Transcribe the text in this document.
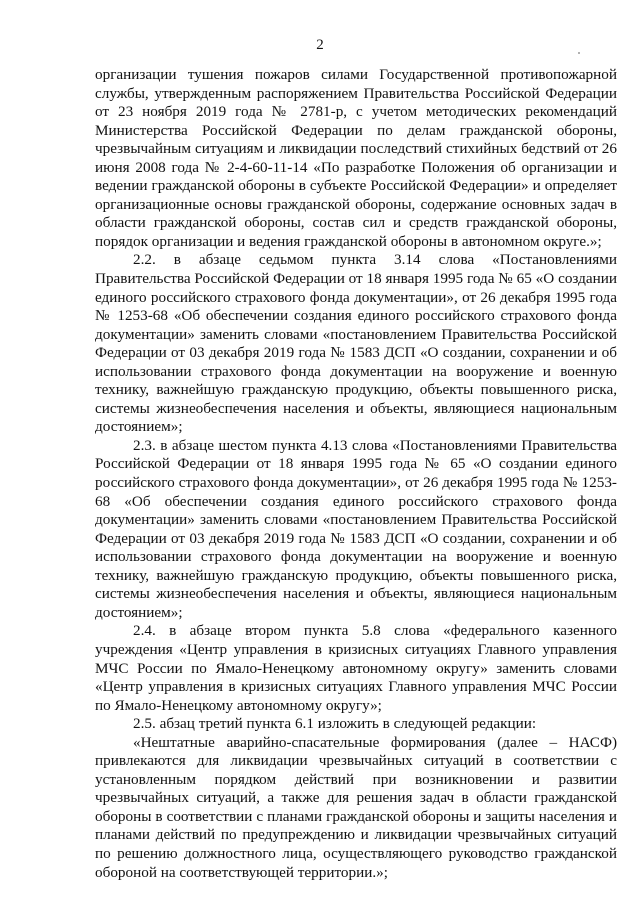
2

организации тушения пожаров силами Государственной противопожарной службы, утвержденным распоряжением Правительства Российской Федерации от 23 ноября 2019 года № 2781-р, с учетом методических рекомендаций Министерства Российской Федерации по делам гражданской обороны, чрезвычайным ситуациям и ликвидации последствий стихийных бедствий от 26 июня 2008 года № 2-4-60-11-14 «По разработке Положения об организации и ведении гражданской обороны в субъекте Российской Федерации» и определяет организационные основы гражданской обороны, содержание основных задач в области гражданской обороны, состав сил и средств гражданской обороны, порядок организации и ведения гражданской обороны в автономном округе.»;

2.2. в абзаце седьмом пункта 3.14 слова «Постановлениями Правительства Российской Федерации от 18 января 1995 года № 65 «О создании единого российского страхового фонда документации», от 26 декабря 1995 года № 1253-68 «Об обеспечении создания единого российского страхового фонда документации» заменить словами «постановлением Правительства Российской Федерации от 03 декабря 2019 года № 1583 ДСП «О создании, сохранении и об использовании страхового фонда документации на вооружение и военную технику, важнейшую гражданскую продукцию, объекты повышенного риска, системы жизнеобеспечения населения и объекты, являющиеся национальным достоянием»;

2.3. в абзаце шестом пункта 4.13 слова «Постановлениями Правительства Российской Федерации от 18 января 1995 года № 65 «О создании единого российского страхового фонда документации», от 26 декабря 1995 года № 1253-68 «Об обеспечении создания единого российского страхового фонда документации» заменить словами «постановлением Правительства Российской Федерации от 03 декабря 2019 года № 1583 ДСП «О создании, сохранении и об использовании страхового фонда документации на вооружение и военную технику, важнейшую гражданскую продукцию, объекты повышенного риска, системы жизнеобеспечения населения и объекты, являющиеся национальным достоянием»;

2.4. в абзаце втором пункта 5.8 слова «федерального казенного учреждения «Центр управления в кризисных ситуациях Главного управления МЧС России по Ямало-Ненецкому автономному округу» заменить словами «Центр управления в кризисных ситуациях Главного управления МЧС России по Ямало-Ненецкому автономному округу»;

2.5. абзац третий пункта 6.1 изложить в следующей редакции:

«Нештатные аварийно-спасательные формирования (далее – НАСФ) привлекаются для ликвидации чрезвычайных ситуаций в соответствии с установленным порядком действий при возникновении и развитии чрезвычайных ситуаций, а также для решения задач в области гражданской обороны в соответствии с планами гражданской обороны и защиты населения и планами действий по предупреждению и ликвидации чрезвычайных ситуаций по решению должностного лица, осуществляющего руководство гражданской обороной на соответствующей территории.»;
